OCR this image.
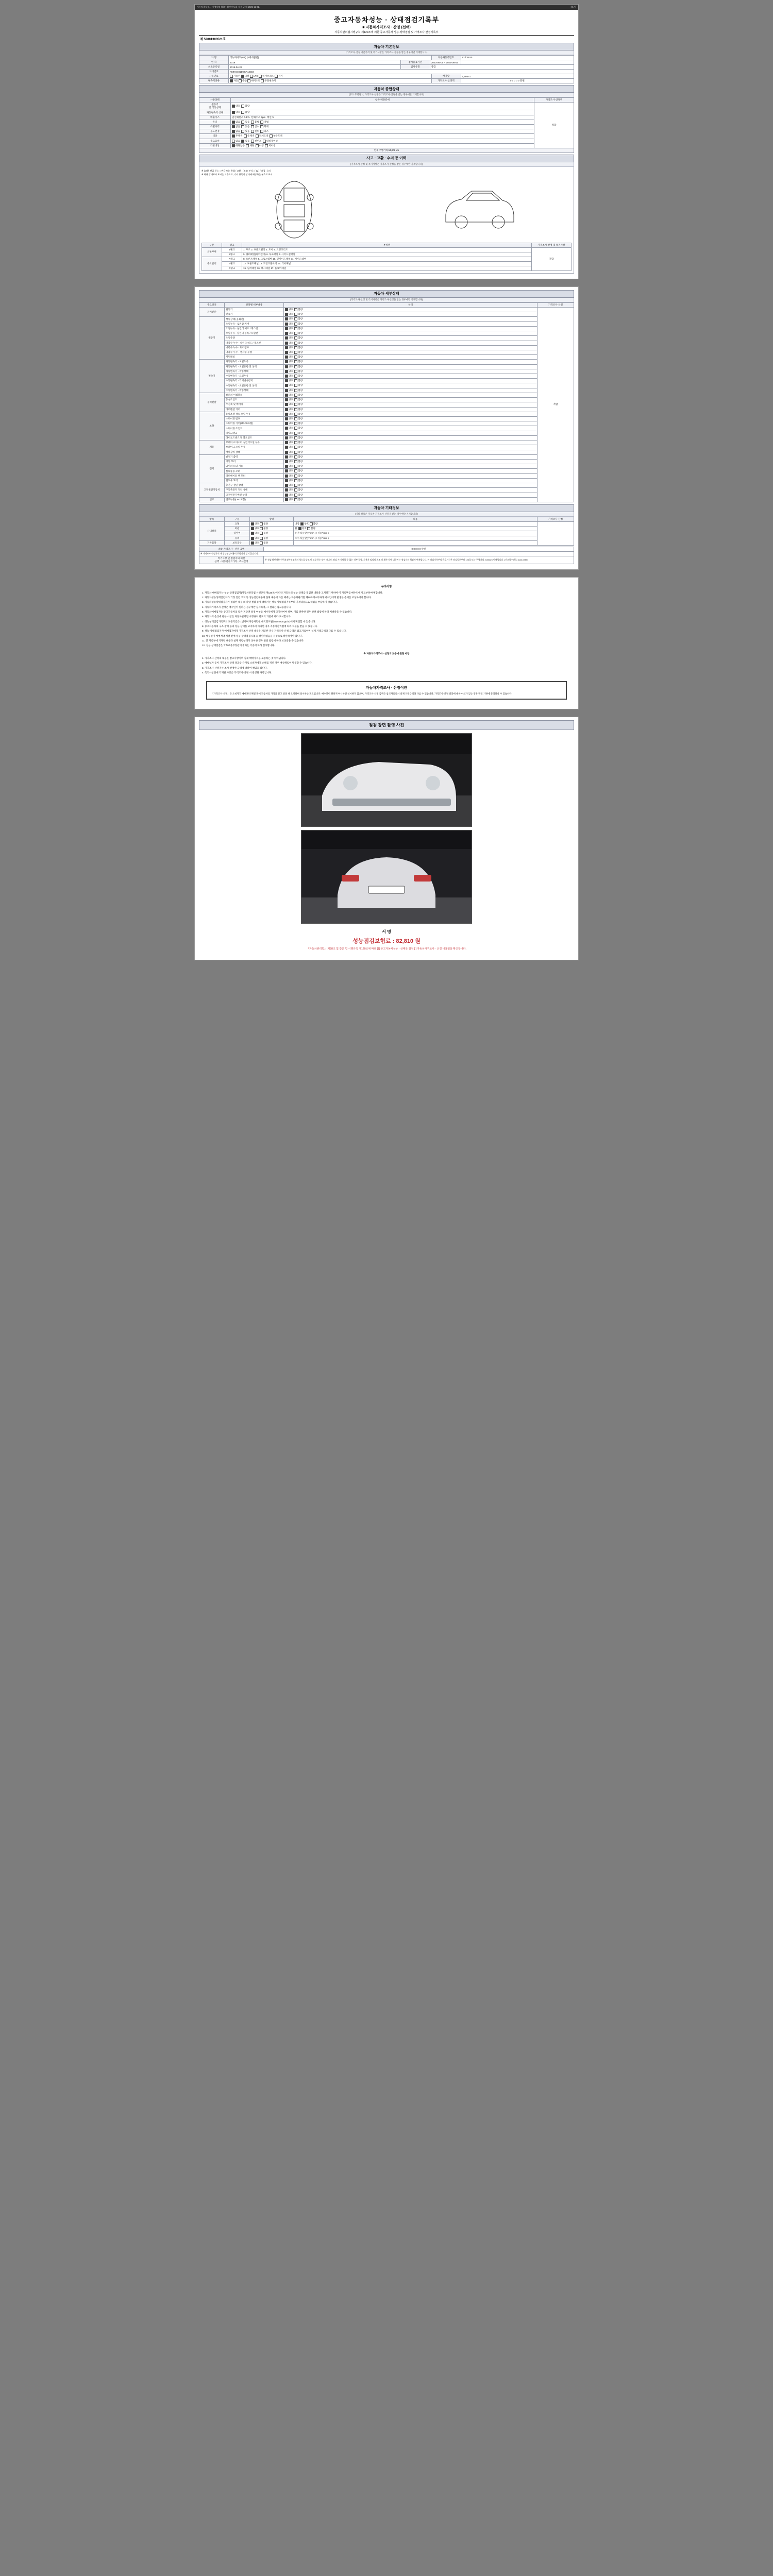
자동차종합검사 시행내역 [웹뷰: 확인용도외 사용 금지] 2025-11-01.	[보기]
중고자동차성능 · 상태점검기록부
■ 자동차가격조사 · 산정 (선택)
자동차관리법시행규칙 제120조에 의한 중고자동차 성능·상태점검 및 가격조사·산정기록부
제 52001300521호
자동차 기본정보
(가격조사·산정 기준가격 및 특기사항은 가격조사·산정을 받는 경우에만 기재합니다)
차 명	더뉴파사트(GT) (4세대클럽)			자동차등록번호	92오9520
연 식	2019	검사유효기간	2023-06-05 ~ 2025-06-05		
최초등록일	2019-04-26	검사유형	종합		
차대번호	KMHG481DEKA14319				
사용연료	가솔린 디젤 LPG 하이브리드 전기			배기량	1,995 cc
변속기종류	자동 수동 세미오토 무단변속기			가격조사·산정액	0 0 0 0 0 만원
자동차 종합상태
(주요 주행장치, 가격조사·산정은 가격조사·산정을 받는 경우에만 기재합니다)
사용상태	항목/해당칸에	가격조사·산정액
원동기
및 작동상태	양호 불량	적합
자동변속기 상태	양호 불량	
배출가스	일산화탄소 0.17L 탄화수소 5pm 매연 %	
튜닝	없음 있음 불법 적법	
특별이력	없음 있음 침수 화재	
용도변경	없음 있음 렌트 리스	
색상	무채색 유채색 전체도색 부분도색	
주요옵션	없음 있음 썬루프 내비게이션	
리콜대상	해당없음 해당 이행 미이행	
현재 주행거리 94,009 km
사고 · 교환 · 수리 등 이력
(가격조사·산정 및 특기사항은 가격조사·산정을 받는 경우에만 기재합니다)
※ (교환, 판금 등) ○ : 판금 또는 용접 / 교환 : ( X ) / 부식 : ( W ) / 흠집 : ( A )
※ 하단 상태표시 표시는 기준으로, 기타 항목의 상태에 해당하는 부호로 표시
구분	랭크	부위명	가격조사·산정 및 특기사항
외판부위	1랭크	1. 후드 2. 프론트팬더 3. 도어 4. 트렁크리드	적합
	2랭크	5. 쿼터패널(리어펜더) 6. 루프패널 7. 사이드실패널	
주요골격	A랭크	8. 프론트패널 9. 크로스멤버 10. 인사이드패널 11. 사이드멤버	
	B랭크	12. 프론트패널 13. 트렁크플로어 14. 리어패널	
	C랭크	15. 필러패널 16. 대시패널 17. 플로어패널	
자동차 세부상태
(가격조사·산정 및 특기사항은 가격조사·산정을 받는 경우에만 기재합니다)
주요장치	항목별 세부내용	상태	가격조사·산정
자기진단	원동기	양호  불량	적합
	변속기	양호  불량	
원동기	작동상태 (공회전)	양호  불량	
	오일누유 - 로커암 커버	양호  불량	
	오일누유 - 실린더 헤드 / 개스킷	양호  불량	
	오일누유 - 실린더 블록 / 오일팬	양호  불량	
	오일유량	양호  불량	
	냉각수 누수 - 실린더 헤드 / 개스킷	양호  불량	
	냉각수 누수 - 워터펌프	양호  불량	
	냉각수 누수 - 냉각수 수량	양호  불량	
	커먼레일	양호  불량	
변속기	자동변속기 - 오일누유	양호  불량	
	자동변속기 - 오일유량 및 상태	양호  불량	
	자동변속기 - 작동상태	양호  불량	
	수동변속기 - 오일누유	양호  불량	
	수동변속기 - 기어변속장치	양호  불량	
	수동변속기 - 오일유량 및 상태	양호  불량	
	수동변속기 - 작동상태	양호  불량	
동력전달	클러치 어셈블리	양호  불량	
	등속조인트	양호  불량	
	추진축 및 베어링	양호  불량	
	디퍼렌셜 기어	양호  불량	
조향	동력조향 작동 오일 누유	양호  불량	
	스티어링 펌프	양호  불량	
	스티어링 기어(MDPS포함)	양호  불량	
	스티어링 조인트	양호  불량	
	파워크랭크	양호  불량	
	타이로드엔드 및 볼조인트	양호  불량	
제동	브레이크 마스터 실린더오일 누유	양호  불량	
	브레이크 오일 누유	양호  불량	
	배력장치 상태	양호  불량	
전기	발전기 출력	양호  불량	
	시동 모터	양호  불량	
	와이퍼 모터 기능	양호  불량	
	실내송풍 모터	양호  불량	
	라디에이터 팬 모터	양호  불량	
	윈도우 모터	양호  불량	
고전원전기장치	충전구 절연 상태	양호  불량	
	구동축전지 격리 상태	양호  불량	
	고전원전기배선 상태	양호  불량	
연료	연료누출(LPG포함)	양호  불량	
자동차 기타정보
(기타 항목은 자동차 가격조사·산정을 받는 경우에만 기재합니다)
항목	구분	상태	내용	가격조사·산정
사내장치	요철	양호 불량	내장  양호 불량	
	외관	양호 불량	휠  양호 불량	
	타이어	양호 불량	운전석( ) 앞( 7 mm ) / 뒤( 7 mm )	
	유리	양호 불량	조수석( ) 앞( 7 mm ) / 뒤( 7 mm )	
기본품목	보유공구	양호 불량		
최종 가격조사 · 산정 금액	0 0 0 0 0 만원
※ 가격조사·산정가격 내 성능점검비용이 포함되어 있지 않습니다.	
특기사항 및 점검자의 의견
금액 · 내부검사 / 가격 · 조사산정	본 점검 확인내용 단락요정사인정객의 성능을 담보 및 보증하는 것이 아니며, 점검 시 식별할 수 없는 내부 결함, 사용자 임의의 개조 및 훼손 등에 대하여는 점검자의 책임이 면제됩니다. 본 점검기록부의 유효기간은 점검일로부터 120일 또는 주행거리 2,000km 이내입니다. (신고접수번호 1644-0955)
유의사항

1. 자동차 매매업자는 성능·상태점검자(자동차관리법 시행규칙 제120조)에 따라 자동차의 성능·상태를 점검한 내용을 고지하기 위하여 이 기록부를 매수인에게 교부하여야 합니다.

2. 자동차성능상태점검자가 거짓 점검 고지 등 성능점검내용과 실제 내용이 다를 때에는 자동차관리법 제58조의4에 따라 매수인에게 발생한 손해를 보상하여야 합니다.

3. 자동차성능상태점검자가 점검한 내용 외 차량 결함 등에 대해서는 성능·상태점검기록부의 기재내용으로 책임을 부담하지 않습니다.

4. 자동차가격조사·산정은 매수인이 원하는 경우에만 실시하며, 그 결과는 참고용입니다.

5. 자동차매매업자는 중고자동차의 압류·저당권 설정 여부를 매수인에게 고지하여야 하며, 이를 위반한 경우 관련 법령에 따라 처벌받을 수 있습니다.

6. 자동차의 손상에 관한 사항은 자동차관리법 시행규칙 별표의 기준에 따라 표시합니다.

7. 성능상태점검기록부의 보존기간은 1년이며 자동차민원 대국민포털(www.ecar.go.kr)에서 확인할 수 있습니다.

8. 중고자동차의 구조·장치 등의 성능·상태를 고지하지 아니한 경우 자동차관리법에 따라 처분을 받을 수 있습니다.

9. 성능·상태점검자가 매매업자에게 가격조사·산정 내용을 제공한 경우 가격조사·산정 금액은 참고자료이며 실제 거래금액과 다를 수 있습니다.

10. 매수인이 매매계약 체결 전에 성능·상태점검 내용을 확인하였음을 서명으로 확인하여야 합니다.

11. 본 기록부에 기재된 내용과 실제 차량상태가 상이한 경우 관련 법령에 따라 보상받을 수 있습니다.

12. 성능·상태점검은 국토교통부장관이 정하는 기준에 따라 실시합니다.

※ 자동차가격조사 · 산정의 보증에 관한 사항

1. 가격조사·산정의 내용은 참고사항이며 실제 매매가격을 보증하는 것이 아닙니다.

2. 매매업자 등이 가격조사·산정 결과를 근거로 소비자에게 손해를 끼친 경우 배상책임이 발생할 수 있습니다.

3. 가격조사·산정자는 조사·산정한 금액에 대하여 책임을 집니다.

4. 특기사항란에 기재된 사항은 가격조사·산정 시 반영된 사항입니다.

자동차가격조사 · 산정이란
「가격조사·산정」은 소비자가 매매계약 체결 전에 자동차의 가격을 알고 싶을 때 요청하여 실시하는 제도입니다. 매수인이 원하지 아니하면 실시하지 않으며, 가격조사·산정 금액은 참고자료로서 실제 거래금액과 다를 수 있습니다. 가격조사·산정 결과에 대한 이의가 있는 경우 관련 기관에 문의하실 수 있습니다.
점검 장면 촬영 사진
서 명
성능점검보험료 : 82,810 원
『자동차관리법』 제58조 및 같은 법 시행규칙 제120조에 따라 [1] 중고자동차성능 · 상태를 점검 [ ] 자동차가격조사 · 산정 내용임을 확인합니다.
